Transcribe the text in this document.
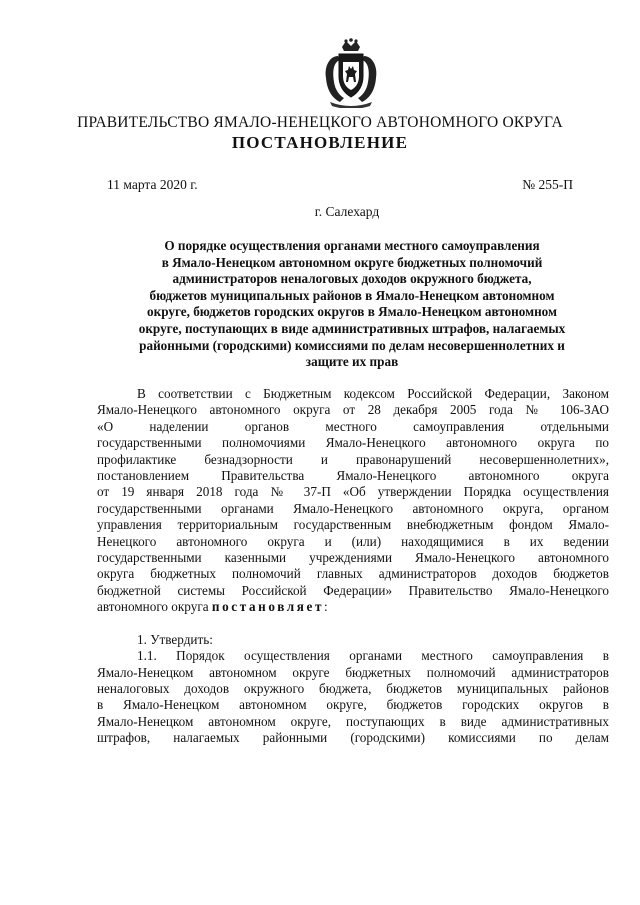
ПРАВИТЕЛЬСТВО ЯМАЛО-НЕНЕЦКОГО АВТОНОМНОГО ОКРУГА
ПОСТАНОВЛЕНИЕ
11 марта 2020 г.	№ 255-П
г. Салехард
О порядке осуществления органами местного самоуправления
в Ямало-Ненецком автономном округе бюджетных полномочий
администраторов неналоговых доходов окружного бюджета,
бюджетов муниципальных районов в Ямало-Ненецком автономном
округе, бюджетов городских округов в Ямало-Ненецком автономном
округе, поступающих в виде административных штрафов, налагаемых
районными (городскими) комиссиями по делам несовершеннолетних и
защите их прав
В соответствии с Бюджетным кодексом Российской Федерации, Законом
Ямало-Ненецкого автономного округа от 28 декабря 2005 года № 106-ЗАО
«О наделении органов местного самоуправления отдельными
государственными полномочиями Ямало-Ненецкого автономного округа по
профилактике безнадзорности и правонарушений несовершеннолетних»,
постановлением Правительства Ямало-Ненецкого автономного округа
от 19 января 2018 года № 37-П «Об утверждении Порядка осуществления
государственными органами Ямало-Ненецкого автономного округа, органом
управления территориальным государственным внебюджетным фондом Ямало-
Ненецкого автономного округа и (или) находящимися в их ведении
государственными казенными учреждениями Ямало-Ненецкого автономного
округа бюджетных полномочий главных администраторов доходов бюджетов
бюджетной системы Российской Федерации» Правительство Ямало-Ненецкого
автономного округа постановляет:
1. Утвердить:
1.1. Порядок осуществления органами местного самоуправления в
Ямало-Ненецком автономном округе бюджетных полномочий администраторов
неналоговых доходов окружного бюджета, бюджетов муниципальных районов
в Ямало-Ненецком автономном округе, бюджетов городских округов в
Ямало-Ненецком автономном округе, поступающих в виде административных
штрафов, налагаемых районными (городскими) комиссиями по делам
